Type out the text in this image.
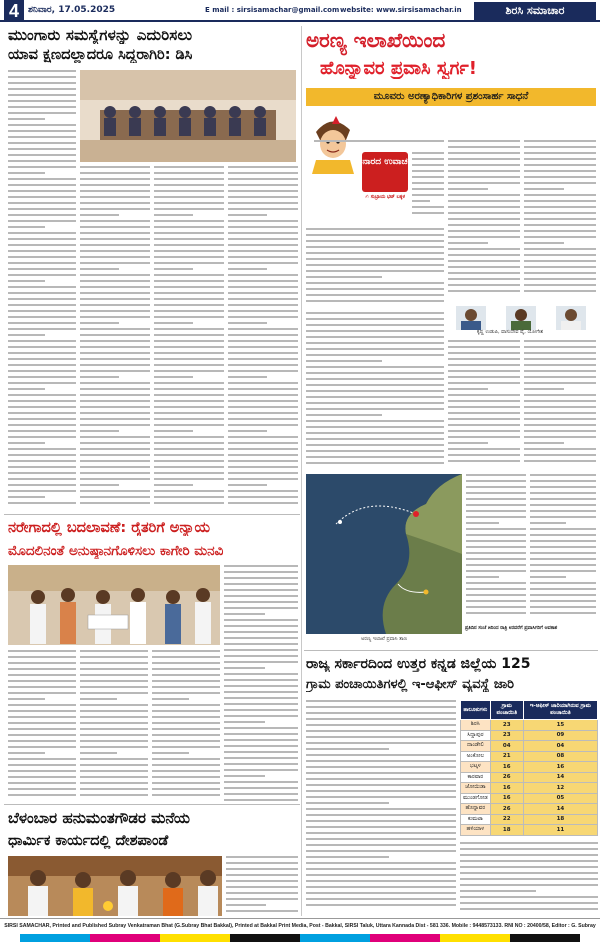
4	ಶನಿವಾರ, 17.05.2025	E mail : sirsisamachar@gmail.com website: www.sirsisamachar.in	ಶಿರಸಿ ಸಮಾಚಾರ
ಮುಂಗಾರು ಸಮಸ್ಯೆಗಳನ್ನು ಎದುರಿಸಲು
ಯಾವ ಕ್ಷಣದಲ್ಲಾದರೂ ಸಿದ್ಧರಾಗಿರಿ: ಡಿಸಿ
ಅರಣ್ಯ ಇಲಾಖೆಯಿಂದ
ಹೊನ್ನಾವರ ಪ್ರವಾಸಿ ಸ್ವರ್ಗ!
ಮೂವರು ಅರಣ್ಯಾಧಿಕಾರಿಗಳ ಪ್ರಶಂಸಾರ್ಹ ಸಾಧನೆ
ನಾರದ ಉವಾಚ
✍ ಸುಬ್ರಾಯ ಭಟ್ ಬಕ್ಕಳ
ಕೃಷ್ಣ ಉಡುಪಿ, ವಾಸುದೇವ ಪೈ, ಯೋಗೇಶ
ಅರಣ್ಯ ಇಲಾಖೆ ಪ್ರವಾಸಿ ತಾಣ
ಪ್ರತಿದಿನ ಸಂಜೆ ೫ರಿಂದ ರಾತ್ರಿ ೮ರವರೆಗೆ ಪ್ರವಾಸಿಗರಿಗೆ ಅವಕಾಶ
ನರೇಗಾದಲ್ಲಿ ಬದಲಾವಣೆ: ರೈತರಿಗೆ ಅನ್ಯಾಯ
ಮೊದಲಿನಂತೆ ಅನುಷ್ಠಾನಗೊಳಿಸಲು ಕಾಗೇರಿ ಮನವಿ
ಬೆಳಂಬಾರ ಹನುಮಂತಗೌಡರ ಮನೆಯ
ಧಾರ್ಮಿಕ ಕಾರ್ಯದಲ್ಲಿ ದೇಶಪಾಂಡೆ
ರಾಜ್ಯ ಸರ್ಕಾರದಿಂದ ಉತ್ತರ ಕನ್ನಡ ಜಿಲ್ಲೆಯ 125
ಗ್ರಾಮ ಪಂಚಾಯಿತಿಗಳಲ್ಲಿ ಇ-ಆಫೀಸ್ ವ್ಯವಸ್ಥೆ ಜಾರಿ
ತಾಲೂಕುಗಳು	ಗ್ರಾಮ ಪಂಚಾಯಿತಿ	ಇ-ಆಫೀಸ್ ಜಾರಿಯಾಗಿರುವ ಗ್ರಾಮ ಪಂಚಾಯಿತಿ
ಶಿರಸಿ	23	15
ಸಿದ್ದಾಪುರ	23	09
ದಾಂಡೇಲಿ	04	04
ಅಂಕೋಲ	21	08
ಭಟ್ಕಳ	16	16
ಕಾರವಾರ	26	14
ಜೋಯಿಡಾ	16	12
ಮುಂಡಗೋಡ	16	05
ಹೊನ್ನಾವರ	26	14
ಕುಮಟಾ	22	18
ಹಳಿಯಾಳ	18	11
SIRSI SAMACHAR, Printed and Published Subray Venkatraman Bhat (G.Subray Bhat Bakkal), Printed at Bakkal Print Media, Post - Bakkal, SIRSI Taluk, Uttara Kannada Dist - 581 336. Mobile : 9448573133. RNI NO : 20400/58, Editor : G. Subray
